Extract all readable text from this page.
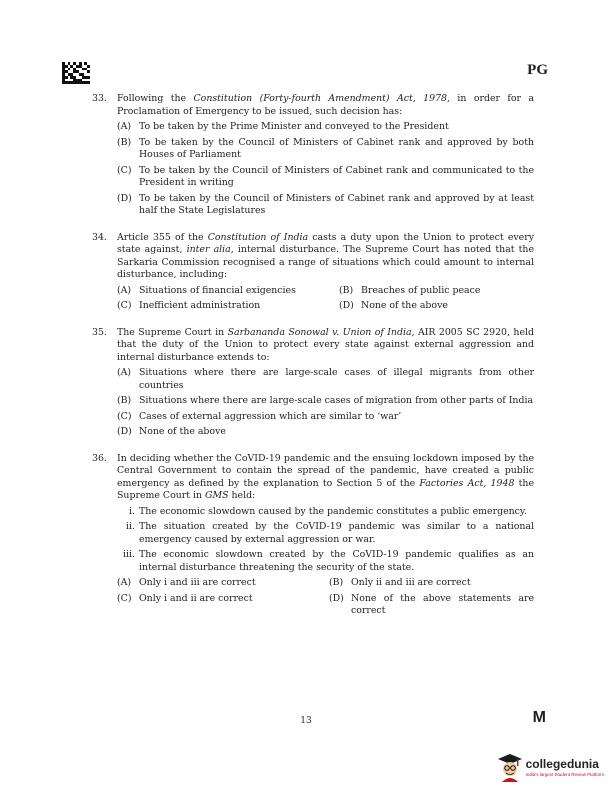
PG
33. Following the Constitution (Forty-fourth Amendment) Act, 1978, in order for a Proclamation of Emergency to be issued, such decision has:
(A) To be taken by the Prime Minister and conveyed to the President
(B) To be taken by the Council of Ministers of Cabinet rank and approved by both Houses of Parliament
(C) To be taken by the Council of Ministers of Cabinet rank and communicated to the President in writing
(D) To be taken by the Council of Ministers of Cabinet rank and approved by at least half the State Legislatures
34. Article 355 of the Constitution of India casts a duty upon the Union to protect every state against, inter alia, internal disturbance. The Supreme Court has noted that the Sarkaria Commission recognised a range of situations which could amount to internal disturbance, including:
(A) Situations of financial exigencies	(B) Breaches of public peace
(C) Inefficient administration	(D) None of the above
35. The Supreme Court in Sarbananda Sonowal v. Union of India, AIR 2005 SC 2920, held that the duty of the Union to protect every state against external aggression and internal disturbance extends to:
(A) Situations where there are large-scale cases of illegal migrants from other countries
(B) Situations where there are large-scale cases of migration from other parts of India
(C) Cases of external aggression which are similar to ‘war’
(D) None of the above
36. In deciding whether the CoVID-19 pandemic and the ensuing lockdown imposed by the Central Government to contain the spread of the pandemic, have created a public emergency as defined by the explanation to Section 5 of the Factories Act, 1948 the Supreme Court in GMS held:
i. The economic slowdown caused by the pandemic constitutes a public emergency.
ii. The situation created by the CoVID-19 pandemic was similar to a national emergency caused by external aggression or war.
iii. The economic slowdown created by the CoVID-19 pandemic qualifies as an internal disturbance threatening the security of the state.
(A) Only i and iii are correct	(B) Only ii and iii are correct
(C) Only i and ii are correct	(D) None of the above statements are correct
13	M
collegedunia
India's largest Student Review Platform
